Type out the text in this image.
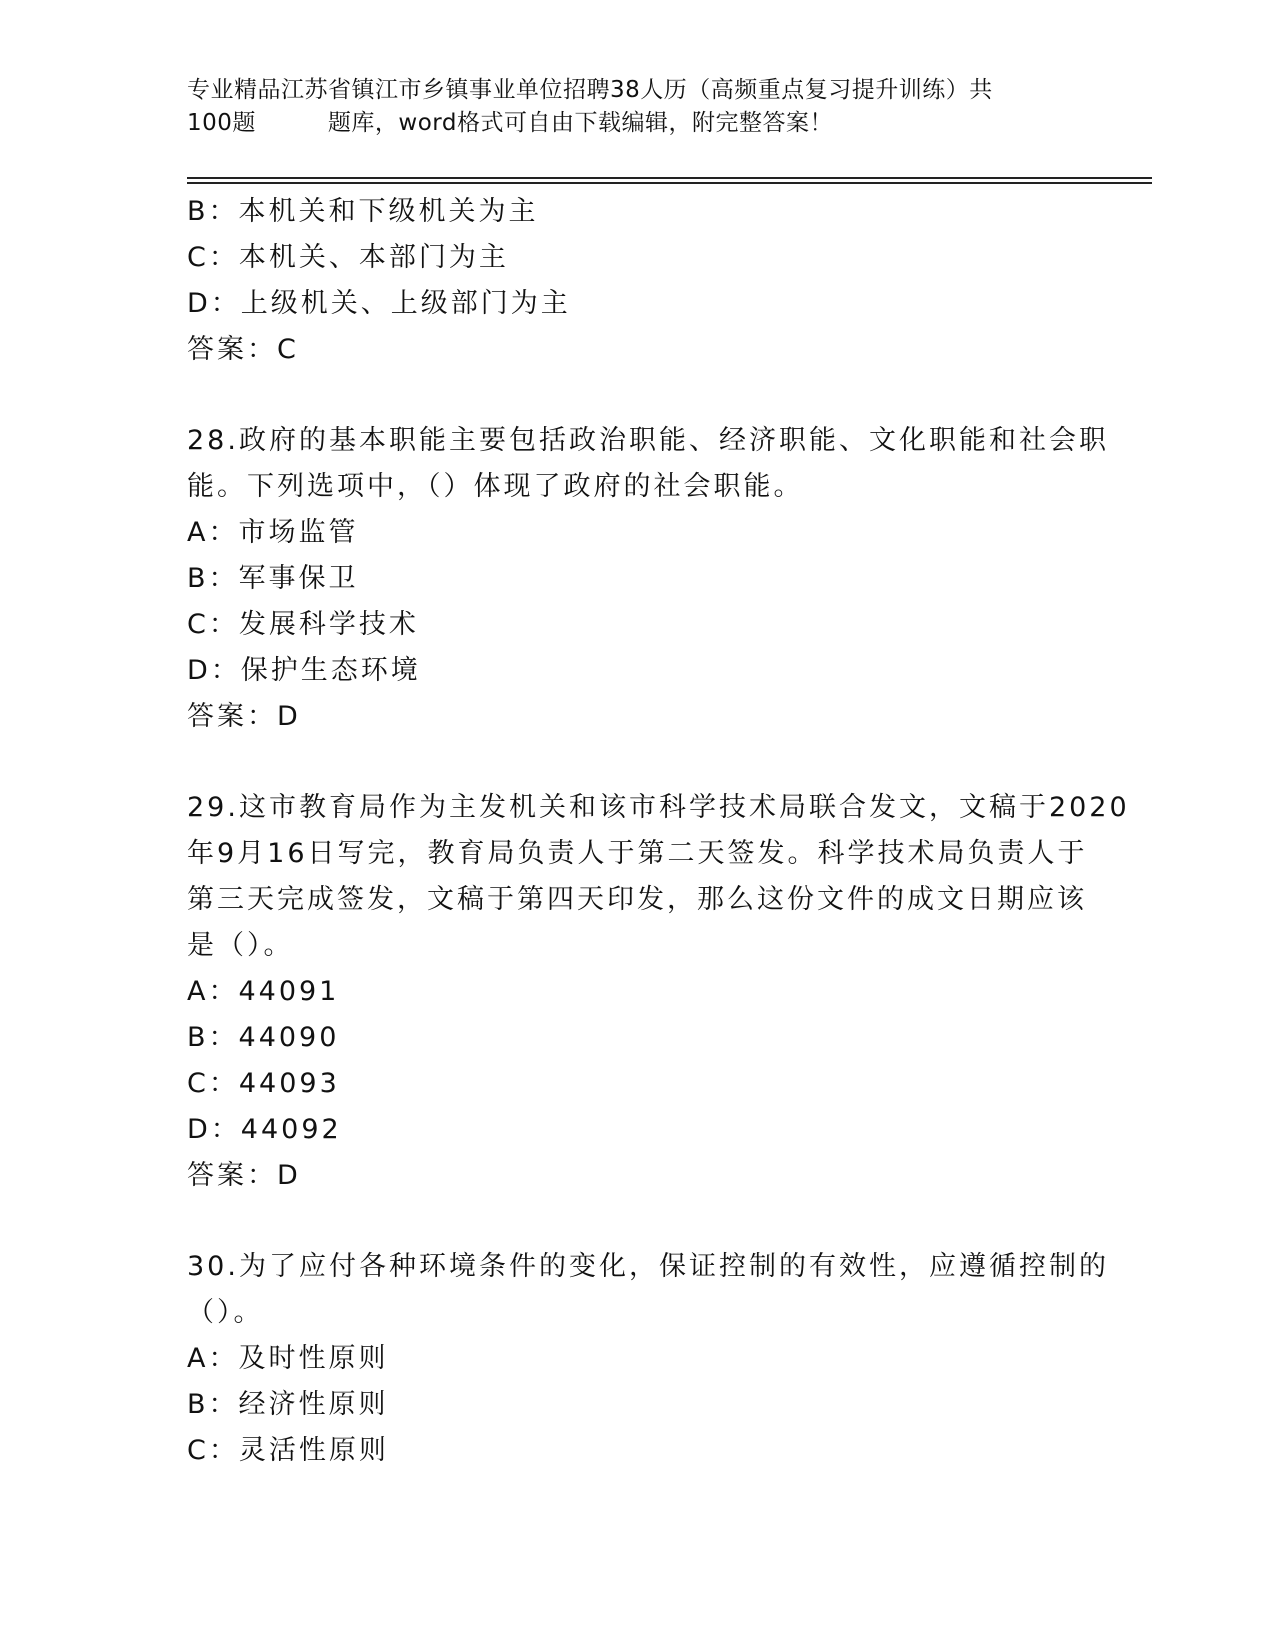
专业精品江苏省镇江市乡镇事业单位招聘38人历（高频重点复习提升训练）共
100题	题库，word格式可自由下载编辑，附完整答案！
B：本机关和下级机关为主
C：本机关、本部门为主
D：上级机关、上级部门为主
答案：C
28.政府的基本职能主要包括政治职能、经济职能、文化职能和社会职
能。下列选项中，（）体现了政府的社会职能。
A：市场监管
B：军事保卫
C：发展科学技术
D：保护生态环境
答案：D
29.这市教育局作为主发机关和该市科学技术局联合发文，文稿于2020
年9月16日写完，教育局负责人于第二天签发。科学技术局负责人于
第三天完成签发，文稿于第四天印发，那么这份文件的成文日期应该
是（）。
A：44091
B：44090
C：44093
D：44092
答案：D
30.为了应付各种环境条件的变化，保证控制的有效性，应遵循控制的
（）。
A：及时性原则
B：经济性原则
C：灵活性原则
